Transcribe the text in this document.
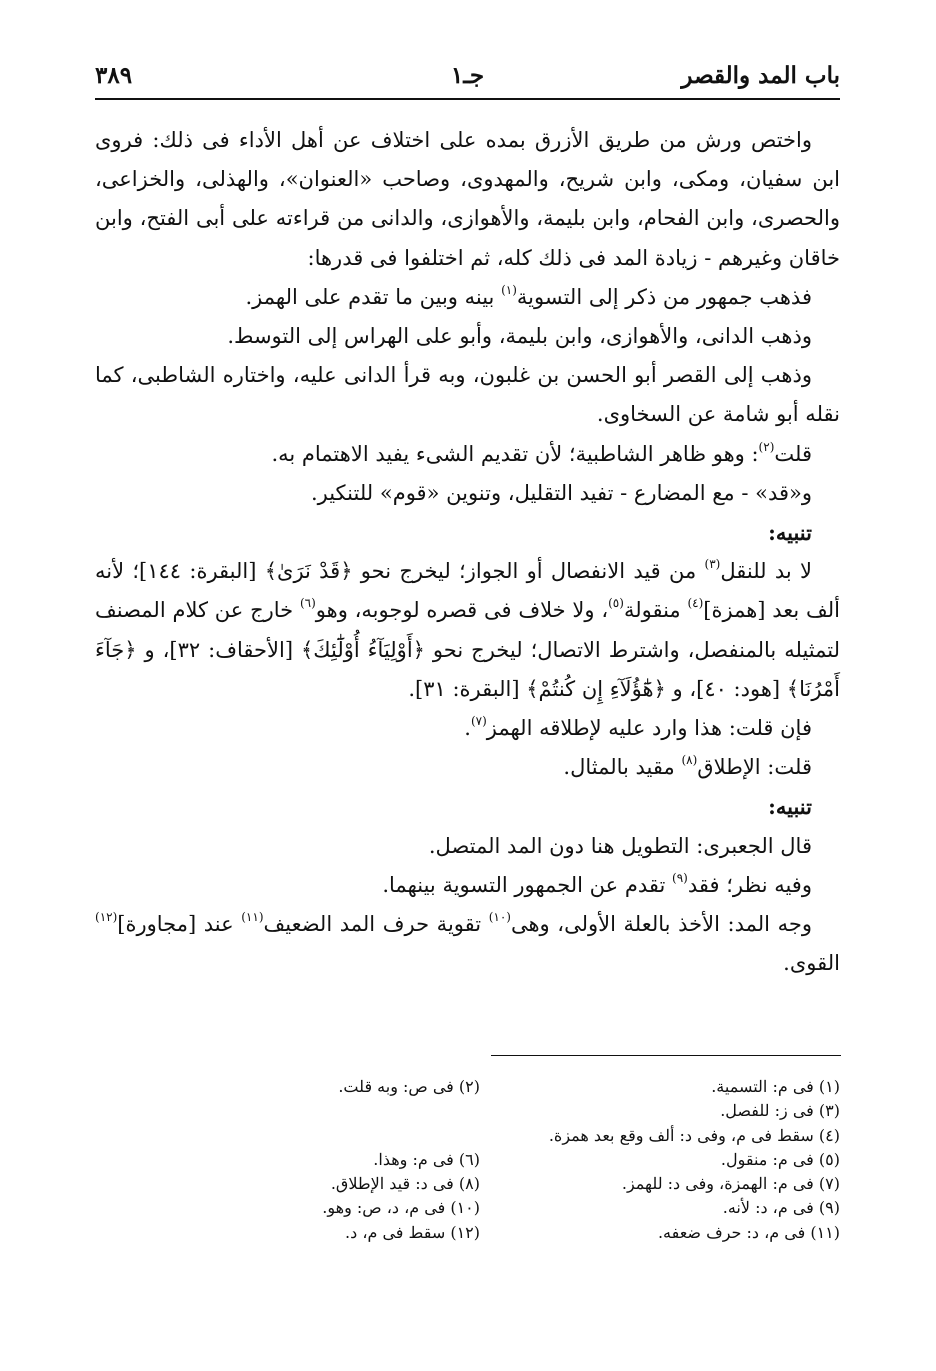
باب المد والقصر
جـ١
٣٨٩

واختص ورش من طريق الأزرق بمده على اختلاف عن أهل الأداء فى ذلك: فروى ابن سفيان، ومكى، وابن شريح، والمهدوى، وصاحب «العنوان»، والهذلى، والخزاعى، والحصرى، وابن الفحام، وابن بليمة، والأهوازى، والدانى من قراءته على أبى الفتح، وابن خاقان وغيرهم - زيادة المد فى ذلك كله، ثم اختلفوا فى قدرها:

فذهب جمهور من ذكر إلى التسوية$^{(١)}$ بينه وبين ما تقدم على الهمز.

وذهب الدانى، والأهوازى، وابن بليمة، وأبو على الهراس إلى التوسط.

وذهب إلى القصر أبو الحسن بن غلبون، وبه قرأ الدانى عليه، واختاره الشاطبى، كما نقله أبو شامة عن السخاوى.

قلت$^{(٢)}$: وهو ظاهر الشاطبية؛ لأن تقديم الشىء يفيد الاهتمام به.

و«قد» - مع المضارع - تفيد التقليل، وتنوين «قوم» للتنكير.

تنبيه:

لا بد للنقل$^{(٣)}$ من قيد الانفصال أو الجواز؛ ليخرج نحو ﴿قَدْ نَرَىٰ﴾ [البقرة: ١٤٤]؛ لأنه ألف بعد [همزة]$^{(٤)}$ منقولة$^{(٥)}$، ولا خلاف فى قصره لوجوبه، وهو$^{(٦)}$ خارج عن كلام المصنف لتمثيله بالمنفصل، واشترط الاتصال؛ ليخرج نحو ﴿أَوْلِيَآءُ أُوْلَٰٓئِكَ﴾ [الأحقاف: ٣٢]، و ﴿جَآءَ أَمْرُنَا﴾ [هود: ٤٠]، و ﴿هَٰٓؤُلَآءِ إِن كُنتُمْ﴾ [البقرة: ٣١].

فإن قلت: هذا وارد عليه لإطلاقه الهمز$^{(٧)}$.

قلت: الإطلاق$^{(٨)}$ مقيد بالمثال.

تنبيه:

قال الجعبرى: التطويل هنا دون المد المتصل.

وفيه نظر؛ فقد$^{(٩)}$ تقدم عن الجمهور التسوية بينهما.

وجه المد: الأخذ بالعلة الأولى، وهى$^{(١٠)}$ تقوية حرف المد الضعيف$^{(١١)}$ عند [مجاورة]$^{(١٢)}$ القوى.

(١) فى م: التسمية.
(٢) فى ص: وبه قلت.
(٣) فى ز: للفصل.
(٤) سقط فى م، وفى د: ألف وقع بعد همزة.
(٥) فى م: منقول.
(٦) فى م: وهذا.
(٧) فى م: الهمزة، وفى د: للهمز.
(٨) فى د: قيد الإطلاق.
(٩) فى م، د: لأنه.
(١٠) فى م، د، ص: وهو.
(١١) فى م، د: حرف ضعفه.
(١٢) سقط فى م، د.
